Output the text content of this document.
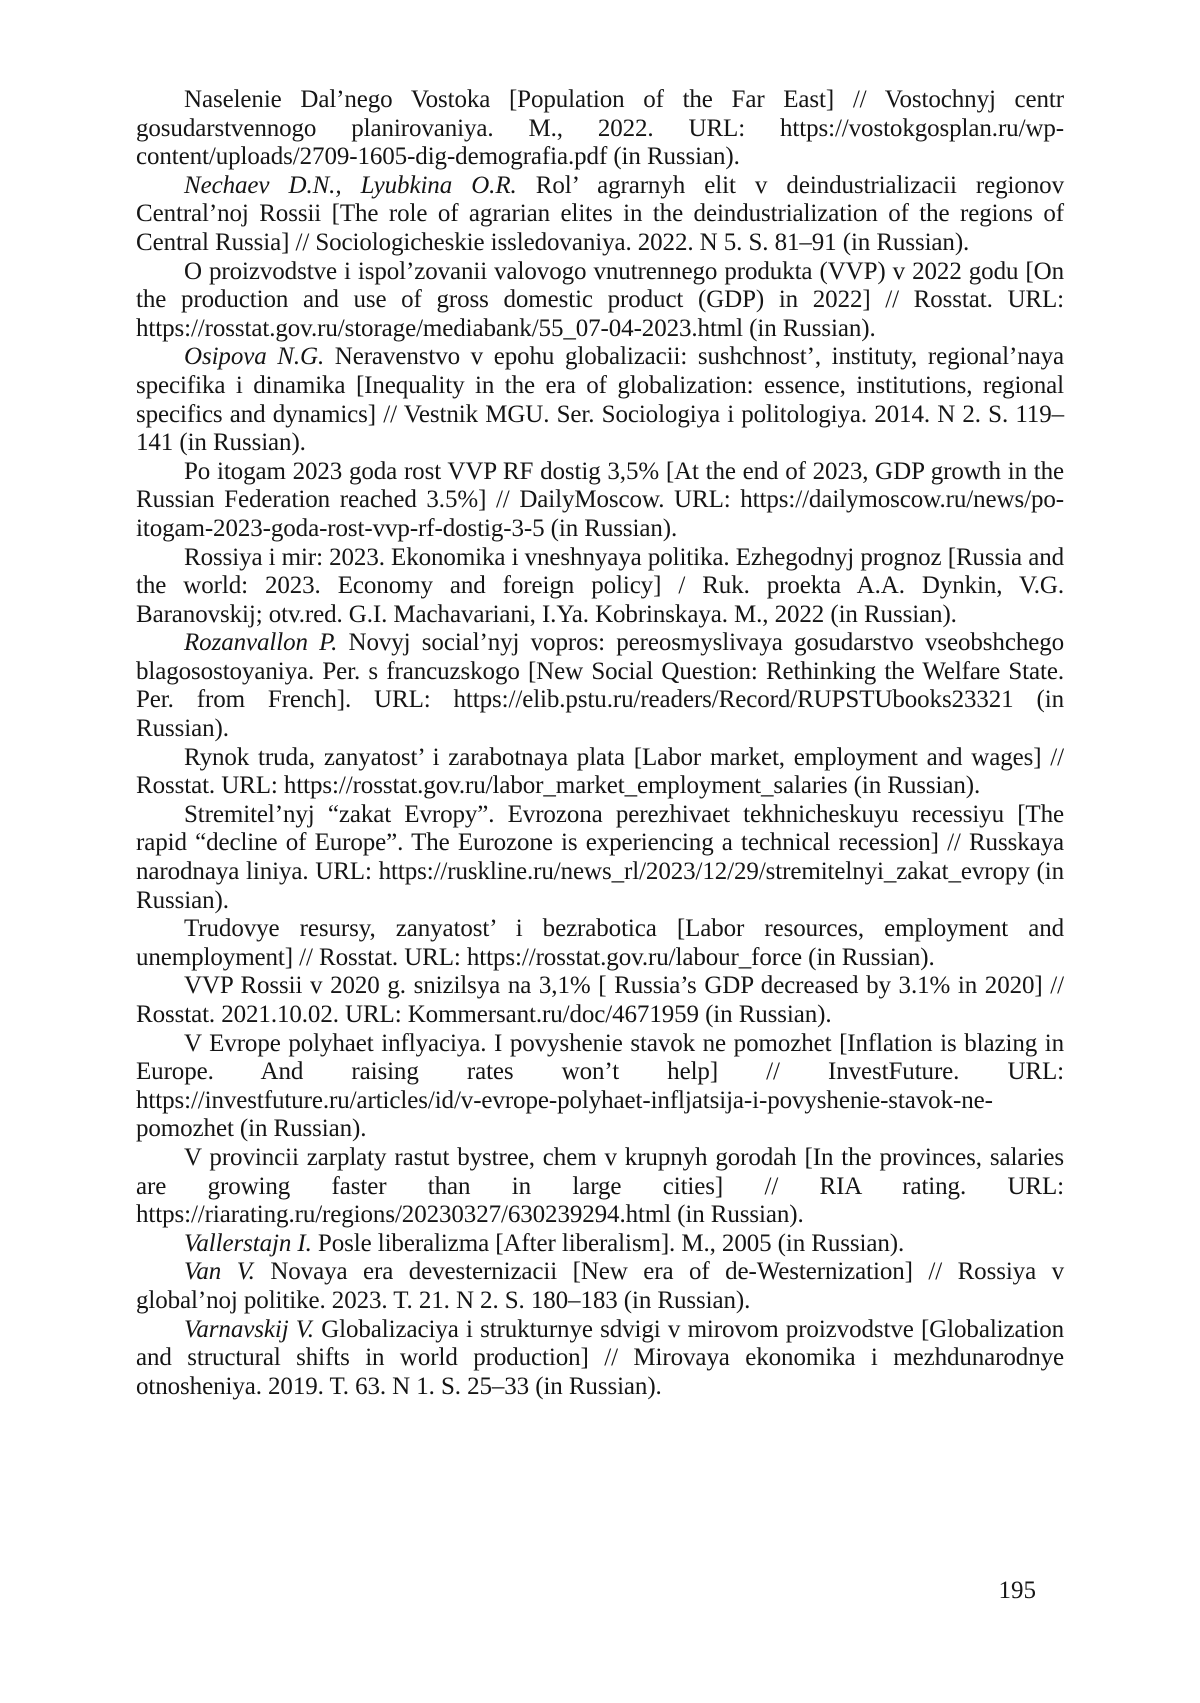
Naselenie Dal’nego Vostoka [Population of the Far East] // Vostochnyj centr gosudarstvennogo planirovaniya. M., 2022. URL: https://vostokgosplan.ru/wp-content/uploads/2709-1605-dig-demografia.pdf (in Russian).

Nechaev D.N., Lyubkina O.R. Rol’ agrarnyh elit v deindustrializacii regionov Central’noj Rossii [The role of agrarian elites in the deindustrialization of the regions of Central Russia] // Sociologicheskie issledovaniya. 2022. N 5. S. 81–91 (in Russian).

O proizvodstve i ispol’zovanii valovogo vnutrennego produkta (VVP) v 2022 godu [On the production and use of gross domestic product (GDP) in 2022] // Rosstat. URL: https://rosstat.gov.ru/storage/mediabank/55_07-04-2023.html (in Russian).

Osipova N.G. Neravenstvo v epohu globalizacii: sushchnost’, instituty, regional’naya specifika i dinamika [Inequality in the era of globalization: essence, institutions, regional specifics and dynamics] // Vestnik MGU. Ser. Sociologiya i politologiya. 2014. N 2. S. 119–141 (in Russian).

Po itogam 2023 goda rost VVP RF dostig 3,5% [At the end of 2023, GDP growth in the Russian Federation reached 3.5%] // DailyMoscow. URL: https://dailymoscow.ru/news/po-itogam-2023-goda-rost-vvp-rf-dostig-3-5 (in Russian).

Rossiya i mir: 2023. Ekonomika i vneshnyaya politika. Ezhegodnyj prognoz [Russia and the world: 2023. Economy and foreign policy] / Ruk. proekta A.A. Dynkin, V.G. Baranovskij; otv.red. G.I. Machavariani, I.Ya. Kobrinskaya. M., 2022 (in Russian).

Rozanvallon P. Novyj social’nyj vopros: pereosmyslivaya gosudarstvo vseobshchego blagosostoyaniya. Per. s francuzskogo [New Social Question: Rethinking the Welfare State. Per. from French]. URL: https://elib.pstu.ru/readers/Record/RUPSTUbooks23321 (in Russian).

Rynok truda, zanyatost’ i zarabotnaya plata [Labor market, employment and wages] // Rosstat. URL: https://rosstat.gov.ru/labor_market_employment_salaries (in Russian).

Stremitel’nyj “zakat Evropy”. Evrozona perezhivaet tekhnicheskuyu recessiyu [The rapid “decline of Europe”. The Eurozone is experiencing a technical recession] // Russkaya narodnaya liniya. URL: https://ruskline.ru/news_rl/2023/12/29/stremitelnyi_zakat_evropy (in Russian).

Trudovye resursy, zanyatost’ i bezrabotica [Labor resources, employment and unemployment] // Rosstat. URL: https://rosstat.gov.ru/labour_force (in Russian).

VVP Rossii v 2020 g. snizilsya na 3,1% [ Russia’s GDP decreased by 3.1% in 2020] // Rosstat. 2021.10.02. URL: Kommersant.ru/doc/4671959 (in Russian).

V Evrope polyhaet inflyaciya. I povyshenie stavok ne pomozhet [Inflation is blazing in Europe. And raising rates won’t help] // InvestFuture. URL: https://investfuture.ru/articles/id/v-evrope-polyhaet-infljatsija-i-povyshenie-stavok-ne-pomozhet (in Russian).

V provincii zarplaty rastut bystree, chem v krupnyh gorodah [In the provinces, salaries are growing faster than in large cities] // RIA rating. URL: https://riarating.ru/regions/20230327/630239294.html (in Russian).

Vallerstajn I. Posle liberalizma [After liberalism]. M., 2005 (in Russian).

Van V. Novaya era devesternizacii [New era of de-Westernization] // Rossiya v global’noj politike. 2023. T. 21. N 2. S. 180–183 (in Russian).

Varnavskij V. Globalizaciya i strukturnye sdvigi v mirovom proizvodstve [Globalization and structural shifts in world production] // Mirovaya ekonomika i mezhdunarodnye otnosheniya. 2019. T. 63. N 1. S. 25–33 (in Russian).

195
